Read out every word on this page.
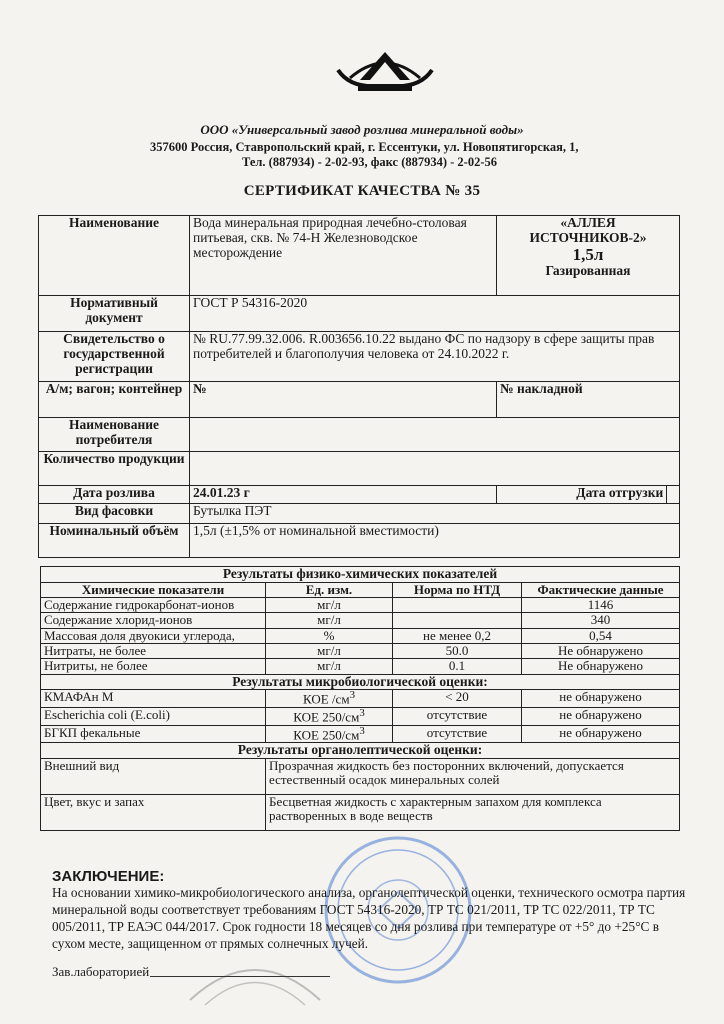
ООО «Универсальный завод розлива минеральной воды»
357600 Россия, Ставропольский край, г. Ессентуки, ул. Новопятигорская, 1,
Тел. (887934) - 2-02-93, факс (887934) - 2-02-56
СЕРТИФИКАТ КАЧЕСТВА № 35
Наименование	Вода минеральная природная лечебно-столовая питьевая, скв. № 74-Н Железноводское месторождение	«АЛЛЕЯ
ИСТОЧНИКОВ-2»
1,5л
Газированная	

Нормативный документ	ГОСТ Р 54316-2020		
Свидетельство о государственной регистрации	№ RU.77.99.32.006. R.003656.10.22 выдано ФС по надзору в сфере защиты прав потребителей и благополучия человека от 24.10.2022 г.		
А/м; вагон; контейнер	№	№ накладной	
Наименование потребителя			
Количество продукции			
Дата розлива	24.01.23 г	Дата отгрузки	
Вид фасовки	Бутылка ПЭТ		
Номинальный объём	1,5л (±1,5% от номинальной вместимости)		
Результаты физико-химических показателей			
Химические показатели	Ед. изм.	Норма по НТД	Фактические данные
Содержание гидрокарбонат-ионов	мг/л		1146
Содержание хлорид-ионов	мг/л		340
Массовая доля двуокиси углерода,	%	не менее 0,2	0,54
Нитраты, не более	мг/л	50.0	Не обнаружено
Нитриты, не более	мг/л	0.1	Не обнаружено
Результаты микробиологической оценки:			
КМАФАн М	КОЕ $/см^3$	< 20	не обнаружено
Escherichia coli (E.coli)	КОЕ $250/см^3$	отсутствие	не обнаружено
БГКП фекальные	КОЕ $250/см^3$	отсутствие	не обнаружено
Результаты органолептической оценки:			
Внешний вид	Прозрачная жидкость без посторонних включений, допускается естественный осадок минеральных солей		
Цвет, вкус и запах	Бесцветная жидкость с характерным запахом для комплекса растворенных в воде веществ		
ЗАКЛЮЧЕНИЕ:
На основании химико-микробиологического анализа, органолептической оценки, технического осмотра партия минеральной воды соответствует требованиям ГОСТ 54316-2020, ТР ТС 021/2011, ТР ТС 022/2011, ТР ТС 005/2011, ТР ЕАЭС 044/2017. Срок годности 18 месяцев со дня розлива при температуре от +5° до +25°С в сухом месте, защищенном от прямых солнечных лучей.
Зав.лабораторией
